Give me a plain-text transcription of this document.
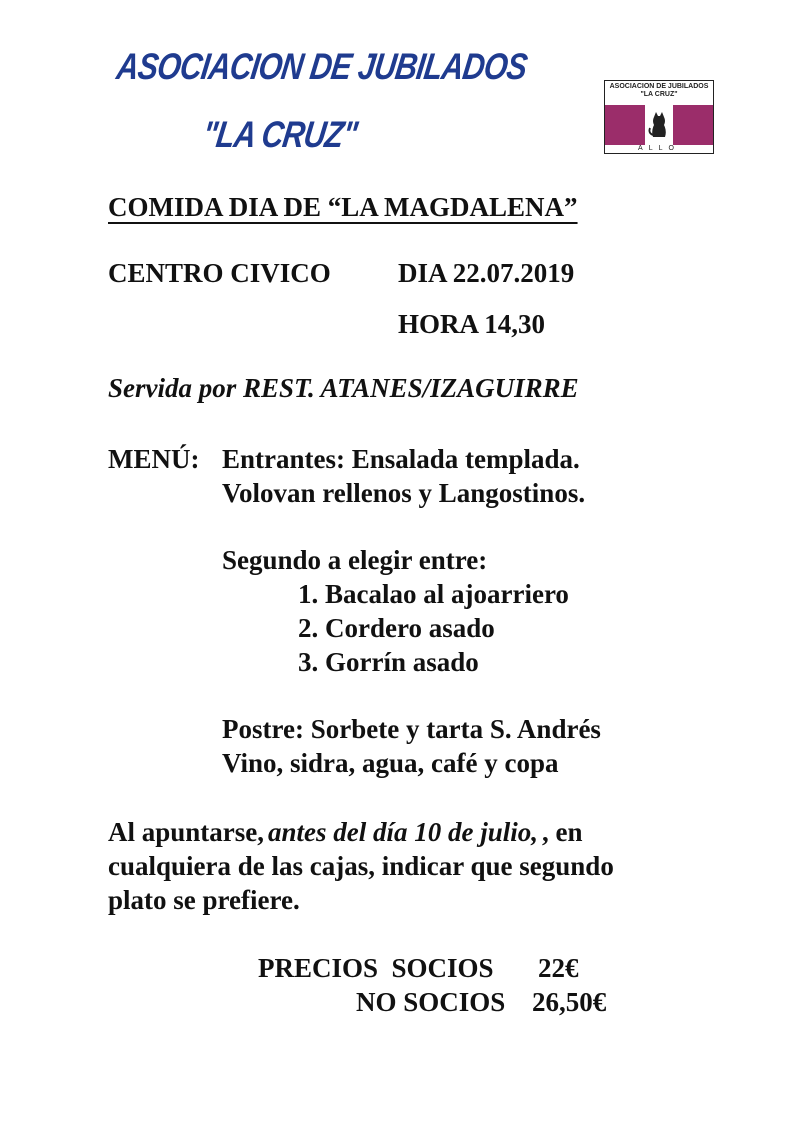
ASOCIACION DE JUBILADOS
"LA CRUZ"
ASOCIACION DE JUBILADOS
"LA CRUZ"
ALLO
COMIDA DIA DE “LA MAGDALENA”
CENTRO CIVICO DIA 22.07.2019
HORA 14,30
Servida por REST. ATANES/IZAGUIRRE
MENÚ: Entrantes: Ensalada templada.
Volovan rellenos y Langostinos.
Segundo a elegir entre:
1. Bacalao al ajoarriero
2. Cordero asado
3. Gorrín asado
Postre: Sorbete y tarta S. Andrés
Vino, sidra, agua, café y copa
Al apuntarse, antes del día 10 de julio, , en
cualquiera de las cajas, indicar que segundo
plato se prefiere.
PRECIOS  SOCIOS 22€
NO SOCIOS 26,50€
